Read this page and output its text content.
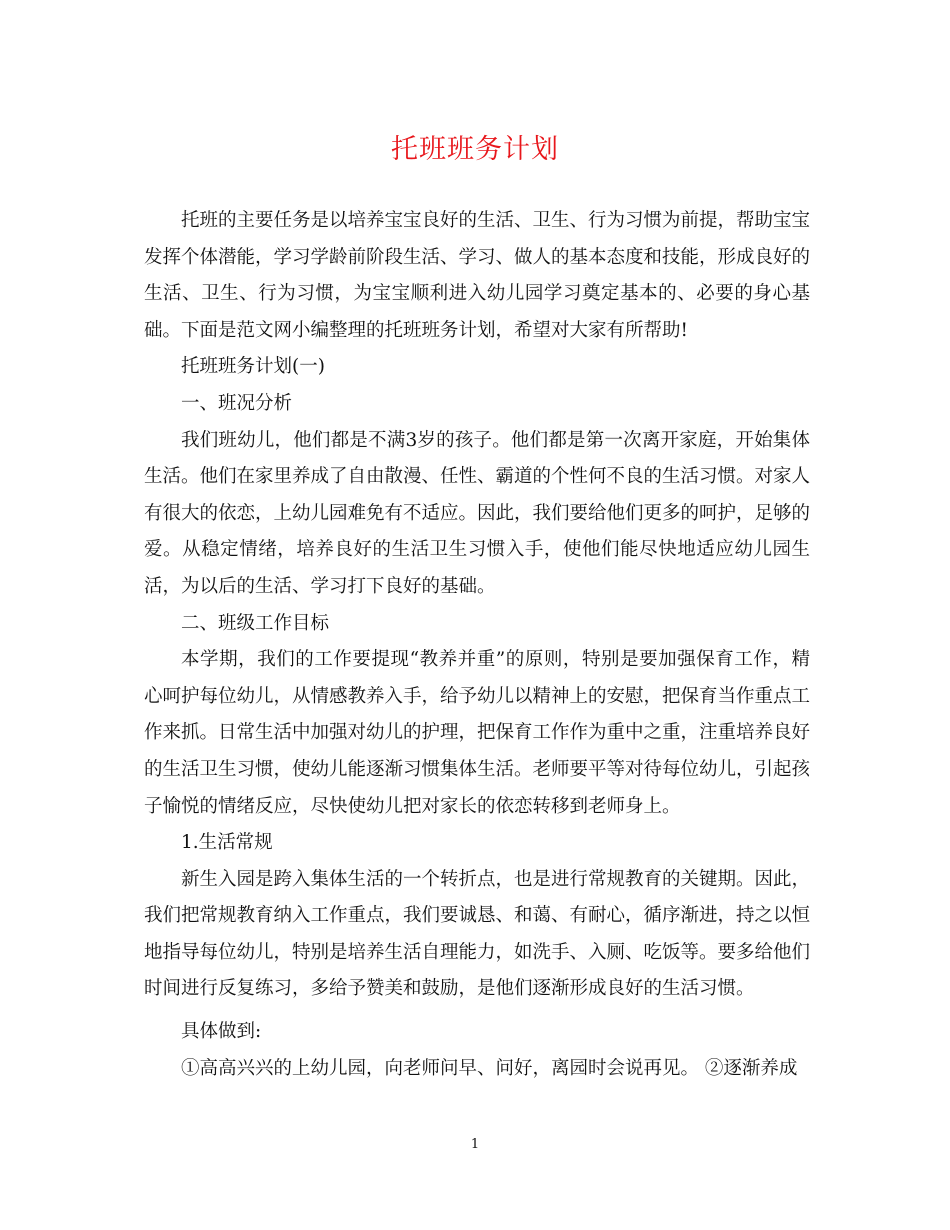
托班班务计划

托班的主要任务是以培养宝宝良好的生活、卫生、行为习惯为前提，帮助宝宝发挥个体潜能，学习学龄前阶段生活、学习、做人的基本态度和技能，形成良好的生活、卫生、行为习惯，为宝宝顺利进入幼儿园学习奠定基本的、必要的身心基础。下面是范文网小编整理的托班班务计划，希望对大家有所帮助!

托班班务计划(一)

一、班况分析

我们班幼儿，他们都是不满3岁的孩子。他们都是第一次离开家庭，开始集体生活。他们在家里养成了自由散漫、任性、霸道的个性何不良的生活习惯。对家人有很大的依恋，上幼儿园难免有不适应。因此，我们要给他们更多的呵护，足够的爱。从稳定情绪，培养良好的生活卫生习惯入手，使他们能尽快地适应幼儿园生活，为以后的生活、学习打下良好的基础。

二、班级工作目标

本学期，我们的工作要提现“教养并重”的原则，特别是要加强保育工作，精心呵护每位幼儿，从情感教养入手，给予幼儿以精神上的安慰，把保育当作重点工作来抓。日常生活中加强对幼儿的护理，把保育工作作为重中之重，注重培养良好的生活卫生习惯，使幼儿能逐渐习惯集体生活。老师要平等对待每位幼儿，引起孩子愉悦的情绪反应，尽快使幼儿把对家长的依恋转移到老师身上。

1.生活常规

新生入园是跨入集体生活的一个转折点，也是进行常规教育的关键期。因此，我们把常规教育纳入工作重点，我们要诚恳、和蔼、有耐心，循序渐进，持之以恒地指导每位幼儿，特别是培养生活自理能力，如洗手、入厕、吃饭等。要多给他们时间进行反复练习，多给予赞美和鼓励，是他们逐渐形成良好的生活习惯。

具体做到:

①高高兴兴的上幼儿园，向老师问早、问好，离园时会说再见。 ②逐渐养成

1
